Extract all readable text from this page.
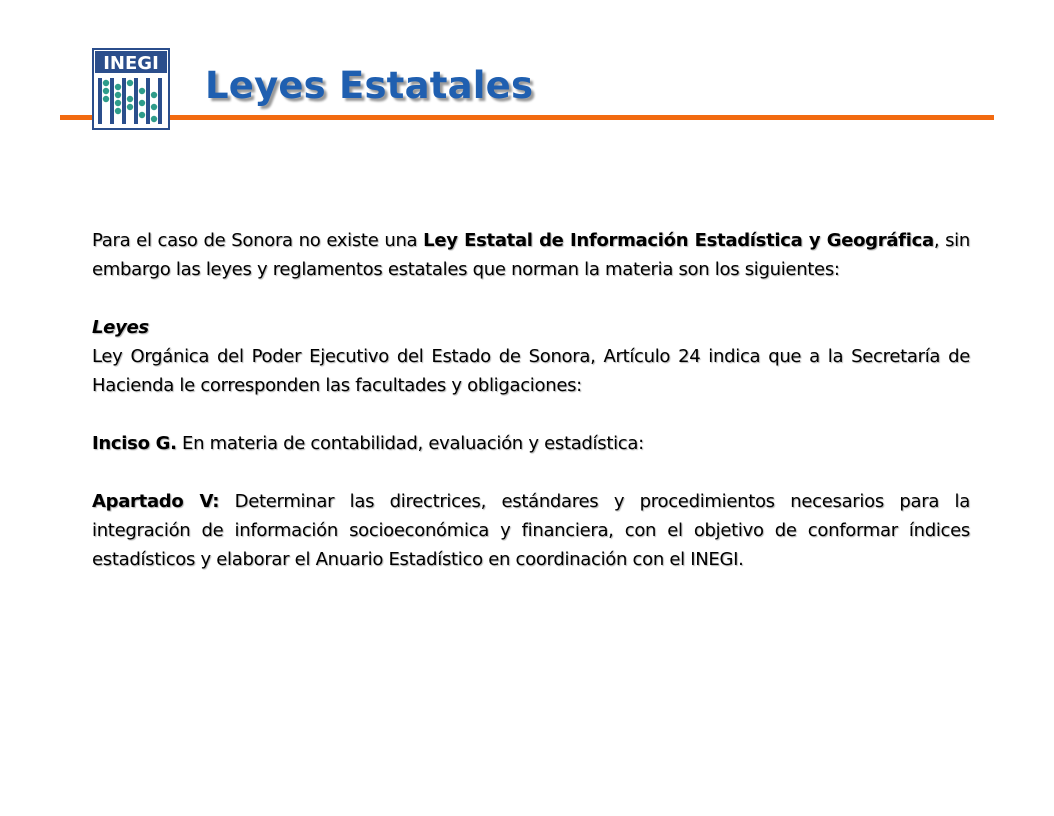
INEGI
Leyes Estatales

Para el caso de Sonora no existe una Ley Estatal de Información Estadística y Geográfica, sin embargo las leyes y reglamentos estatales que norman la materia son los siguientes:

Leyes

Ley Orgánica del Poder Ejecutivo del Estado de Sonora, Artículo 24 indica que a la Secretaría de Hacienda le corresponden las facultades y obligaciones:

Inciso G. En materia de contabilidad, evaluación y estadística:

Apartado V: Determinar las directrices, estándares y procedimientos necesarios para la integración de información socioeconómica y financiera, con el objetivo de conformar índices estadísticos y elaborar el Anuario Estadístico en coordinación con el INEGI.
